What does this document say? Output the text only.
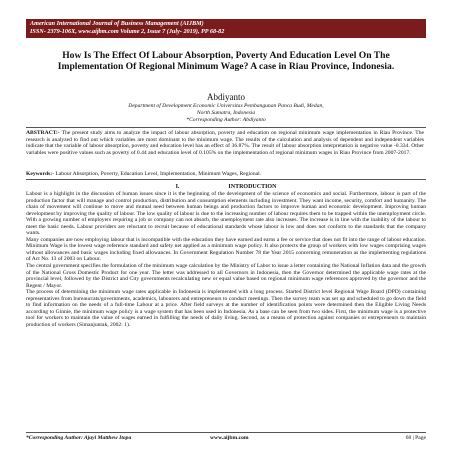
American International Journal of Business Management (AIJBM)
ISSN- 2379-106X, www.aijbm.com Volume 2, Issue 7 (July- 2019), PP 68-82
How Is The Effect Of Labour Absorption, Poverty And Education Level On The Implementation Of Regional Minimum Wage? A case in Riau Province, Indonesia.
Abdiyanto
Department of Development Economic Universitas Pembangunan Panca Budi, Medan,
North Sumatra, Indonesia
*Corresponding Author: Abdiyanto
ABSTRACT:- The present study aims to analyze the impact of labour absorption, poverty and education on regional minimum wage implementation in Riau Province. The research is analyzed to find out which variables are most dominant to the minimum wage. The results of the calculation and analysis of dependent and independent variables indicate that the variable of labour absorption, poverty and education level has an effect of 36.87%. The result of labour absorption interpretation is negative value -0.334. Other variables were positive values such as poverty of 0.44 and education level of 0.105% on the implementation of regional minimum wages in Riau Province from 2007-2017.
Keywords:- Labour Absorption, Poverty, Education Level, Implementation, Minimum Wages, Regional.
I.	INTRODUCTION

Labour is a highlight in the discussion of human issues since it is the beginning of the development of the science of economics and social. Furthermore, labour is part of the production factor that will manage and control production, distribution and consumption elements including investment. They want income, security, comfort and humanity. The chain of movement will continue to move and mutual need between human beings and production factors to improve human and economic development. Improving human development by improving the quality of labour. The low quality of labour is due to the increasing number of labour requires them to be trapped within the unemployment circle. With a growing number of employers requiring a job or company can not absorb, the unemployment rate also increases. The increase is in line with the inability of the labour to meet the basic needs. Labour providers are reluctant to recruit because of educational standards whose labour is low and does not conform to the standards that the company wants.

Many companies are now employing labour that is incompatible with the education they have earned and earns a fee or service that does not fit into the range of labour education. Minimum Wage is the lowest wage reference standard and safety net applied as a minimum wage policy. It also protects the group of workers with low wages comprising wages without allowances and basic wages including fixed allowances. In Government Regulation Number 78 the Year 2015 concerning remuneration as the implementing regulations of Act No. 13 of 2003 on Labour.

The central government specifies the formulation of the minimum wage calculation by the Ministry of Labor to issue a letter containing the National Inflation data and the growth of the National Gross Domestic Product for one year. The letter was addressed to all Governors in Indonesia, then the Governor determined the applicable wage rates at the provincial level, followed by the District and City governments recalculating new or equal value based on regional minimum wage references approved by the governor and the Regent / Mayor.

The process of determining the minimum wage rates applicable in Indonesia is implemented with a long process. Started District level Regional Wage Board (DPD) containing representatives from bureaucrats/governments, academics, labourers and entrepreneurs to conduct meetings. Then the survey team was set up and scheduled to go down the field to find information on the needs of a full-time Labour at a price. After field surveys at the number of identification points were determined then the Eligible Living Needs according to Ginnie, the minimum wage policy is a wage system that has been used in Indonesia. As a base can be seen from two sides. First, the minimum wage is a protective tool for workers to maintain the value of wages earned in fulfilling the needs of daily living. Second, as a means of protection against companies or entrepreneurs to maintain production of workers (Simanjuntak, 2002: 1).

*Corresponding Author: Ajayi Matthew Itopa	www.aijbm.com	68 | Page
